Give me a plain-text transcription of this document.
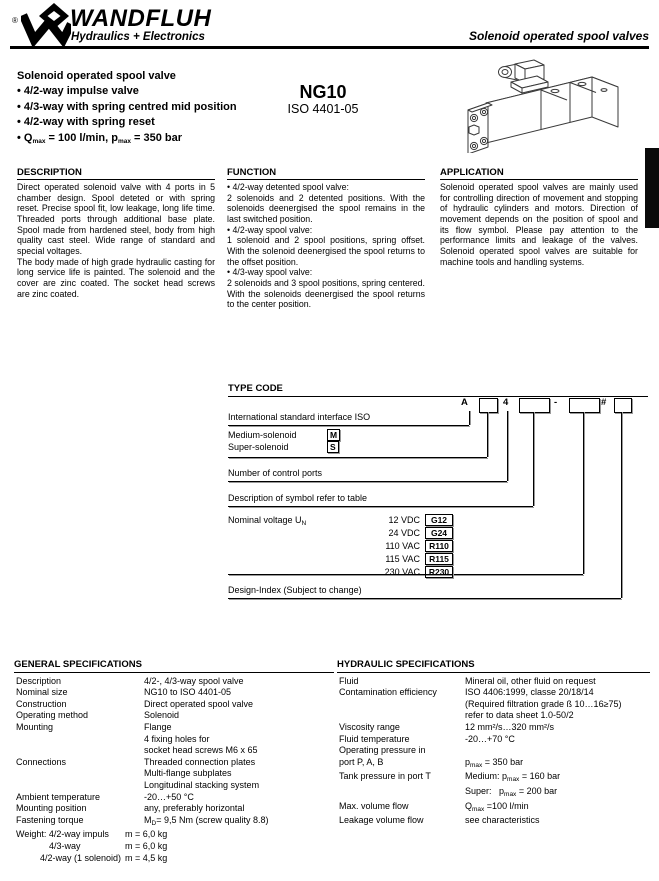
® WANDFLUH
Hydraulics + Electronics	Solenoid operated spool valves
Solenoid operated spool valve
• 4/2-way impulse valve
• 4/3-way with spring centred mid position
• 4/2-way with spring reset
• Qmax = 100 l/min, pmax = 350 bar
NG10
ISO 4401-05
DESCRIPTION

Direct operated solenoid valve with 4 ports in 5 chamber design. Spool deteted or with spring reset. Precise spool fit, low leakage, long life time. Threaded ports through additional base plate. Spool made from hardened steel, body from high quality cast steel. Wide range of standard and special voltages.

The body made of high grade hydraulic casting for long service life is painted. The solenoid and the cover are zinc coated. The socket head screws are zinc coated.

FUNCTION

• 4/2-way detented spool valve:

2 solenoids and 2 detented positions. With the solenoids deenergised the spool remains in the last switched position.

• 4/2-way spool valve:

1 solenoid and 2 spool positions, spring offset. With the solenoid deenergised the spool returns to the offset position.

• 4/3-way spool valve:

2 solenoids and 3 spool positions, spring centered. With the solenoids deenergised the spool returns to the center position.

APPLICATION

Solenoid operated spool valves are mainly used for controlling direction of movement and stopping of hydraulic cylinders and motors. Direction of movement depends on the position of spool and its flow symbol. Please pay attention to the performance limits and leakage of the valves. Solenoid operated spool valves are suitable for machine tools and handling systems.

TYPE CODE
A	4	-	#
International standard interface ISO
Medium-solenoid	M
Super-solenoid	S
Number of control ports
Description of symbol refer to table
Nominal voltage $U_N$	12 VDC G12
24 VDC G24
110 VAC R110
115 VAC R115
230 VAC R230
Design-Index (Subject to change)
GENERAL SPECIFICATIONS
Description	4/2-, 4/3-way spool valve
Nominal size	NG10 to ISO 4401-05
Construction	Direct operated spool valve
Operating method	Solenoid
Mounting	Flange
4 fixing holes for
socket head screws M6 x 65
Connections	Threaded connection plates
Multi-flange subplates
Longitudinal stacking system
Ambient temperature	-20…+50 °C
Mounting position	any, preferably horizontal
Fastening torque	$M_D= 9,5$ Nm (screw quality 8.8)
Weight: 4/2-way impuls m = 6,0 kg
4/3-way	m = 6,0 kg
4/2-way (1 solenoid) m = 4,5 kg
HYDRAULIC SPECIFICATIONS
Fluid	Mineral oil, other fluid on request
Contamination efficiency	ISO 4406:1999, classe 20/18/14
(Required filtration grade ß 10…16≥75)
refer to data sheet 1.0-50/2
Viscosity range	12 mm²/s…320 mm²/s
Fluid temperature	-20…+70 °C
Operating pressure in
port P, A, B	$p_{max} = 350$ bar
Tank pressure in port T	Medium: $p_{max} = 160$ bar
Super:   $p_{max} = 200$ bar
Max. volume flow	$Q_{max} =100$ l/min
Leakage volume flow	see characteristics
